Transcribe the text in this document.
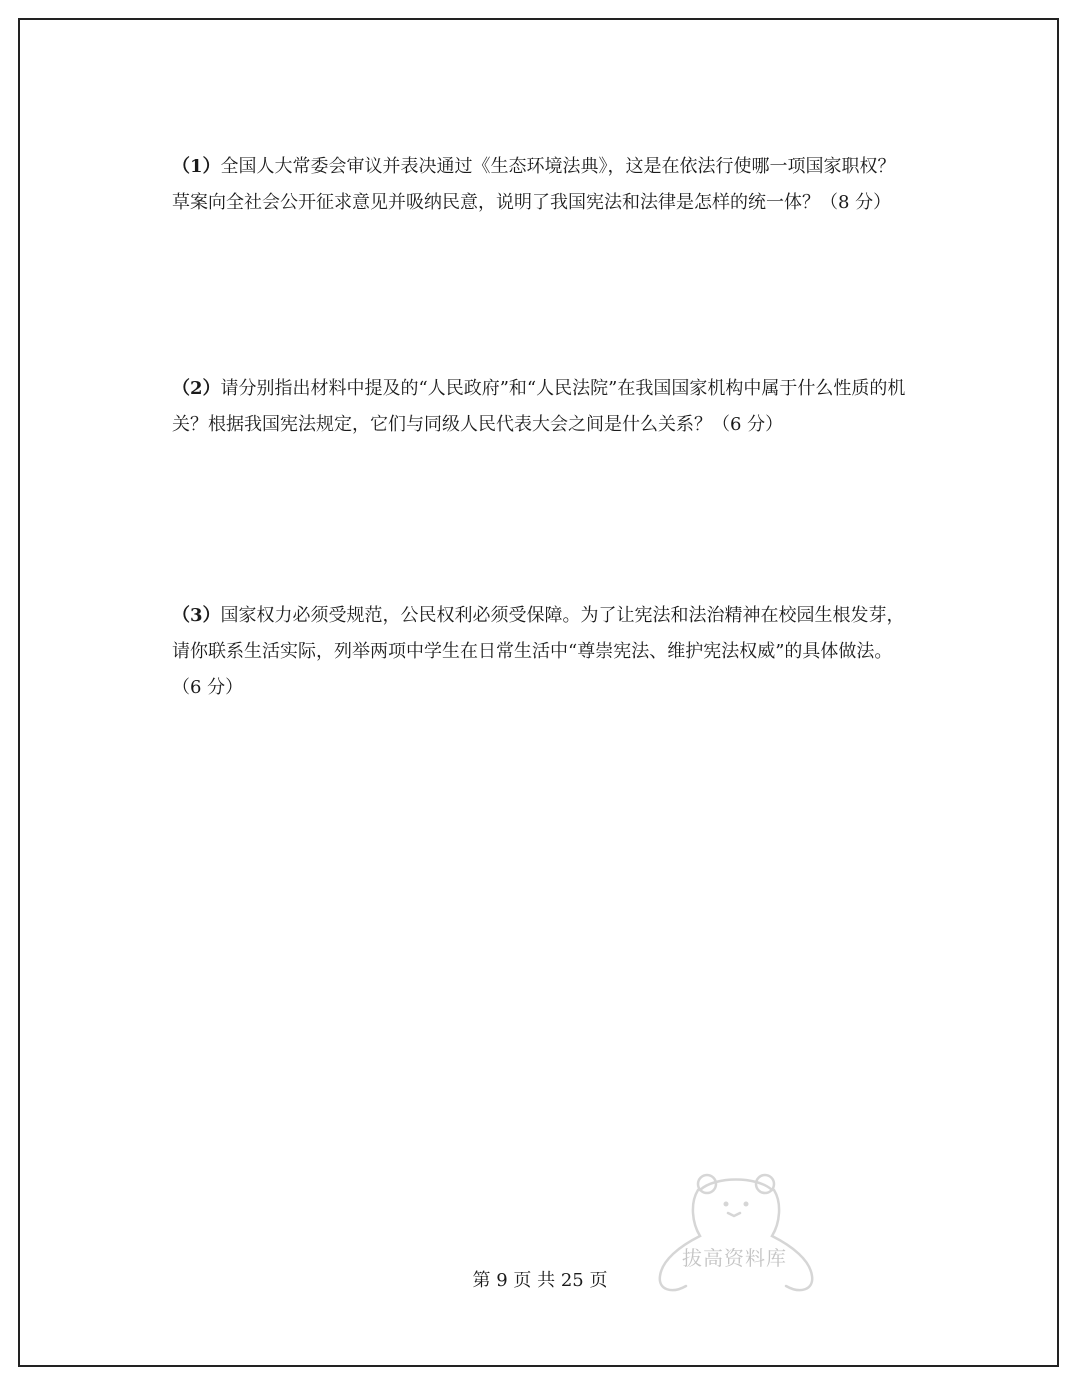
（1）全国人大常委会审议并表决通过《生态环境法典》，这是在依法行使哪一项国家职权？

草案向全社会公开征求意见并吸纳民意，说明了我国宪法和法律是怎样的统一体？（8 分）

（2）请分别指出材料中提及的“人民政府”和“人民法院”在我国国家机构中属于什么性质的机

关？根据我国宪法规定，它们与同级人民代表大会之间是什么关系？（6 分）

（3）国家权力必须受规范，公民权利必须受保障。为了让宪法和法治精神在校园生根发芽，

请你联系生活实际，列举两项中学生在日常生活中“尊崇宪法、维护宪法权威”的具体做法。

（6 分）

拔高资料库
第 9 页 共 25 页
